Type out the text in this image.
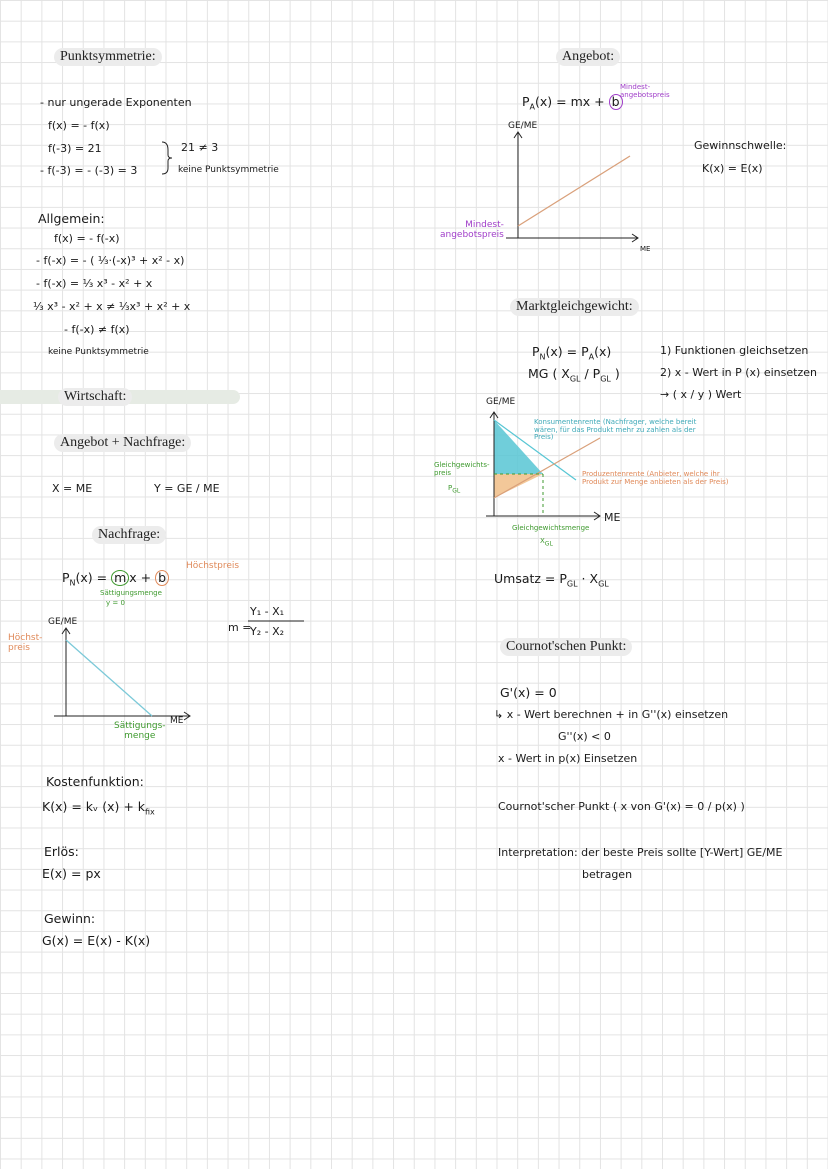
Punktsymmetrie:
- nur ungerade Exponenten
f(x) = - f(x)
f(-3) = 21
- f(-3) = - (-3) = 3
21 ≠ 3
keine Punktsymmetrie
Allgemein:
f(x) = - f(-x)
- f(-x) = - ( ⅓·(-x)³ + x² - x)
- f(-x) = ⅓ x³ - x² + x
⅓ x³ - x² + x ≠ ⅓x³ + x² + x
- f(-x) ≠ f(x)
keine Punktsymmetrie
Wirtschaft:
Angebot + Nachfrage:
X = ME	Y = GE / ME
Nachfrage:
$P_N(x) = m$ x + b
Höchstpreis
Sättigungsmenge
y = 0
m =
Y₁ - X₁
Y₂ - X₂
GE/ME
Höchst-
preis
ME
Sättigungs-
menge
Kostenfunktion:
K(x) = kᵥ $(x) + k_{fix}$
Erlös:
E(x) = px
Gewinn:
G(x) = E(x) - K(x)
Angebot:
$P_A(x)$ = mx + b
Mindest-
angebotspreis
GE/ME
ME
Mindest-
angebotspreis
Gewinnschwelle:
K(x) = E(x)
Marktgleichgewicht:
$P_N(x) = P_A(x)$
MG ( $X_{GL} / P_{GL}$ )
1) Funktionen gleichsetzen
2) x - Wert in P (x) einsetzen
→ ( x / y ) Wert
GE/ME
ME
Konsumentenrente (Nachfrager, welche bereit wären, für das Produkt mehr zu zahlen als der Preis)
Produzentenrente (Anbieter, welche ihr Produkt zur Menge anbieten als der Preis)
Gleichgewichts-
preis
$P_{GL}$
Gleichgewichtsmenge
$X_{GL}$
Umsatz = $P_{GL} \cdot X_{GL}$
Cournot'schen Punkt:
G'(x) = 0
↳ x - Wert berechnen + in G''(x) einsetzen
G''(x) < 0
x - Wert in p(x) Einsetzen
Cournot'scher Punkt ( x von G'(x) = 0 / p(x) )
Interpretation: der beste Preis sollte [Y-Wert] GE/ME
betragen
